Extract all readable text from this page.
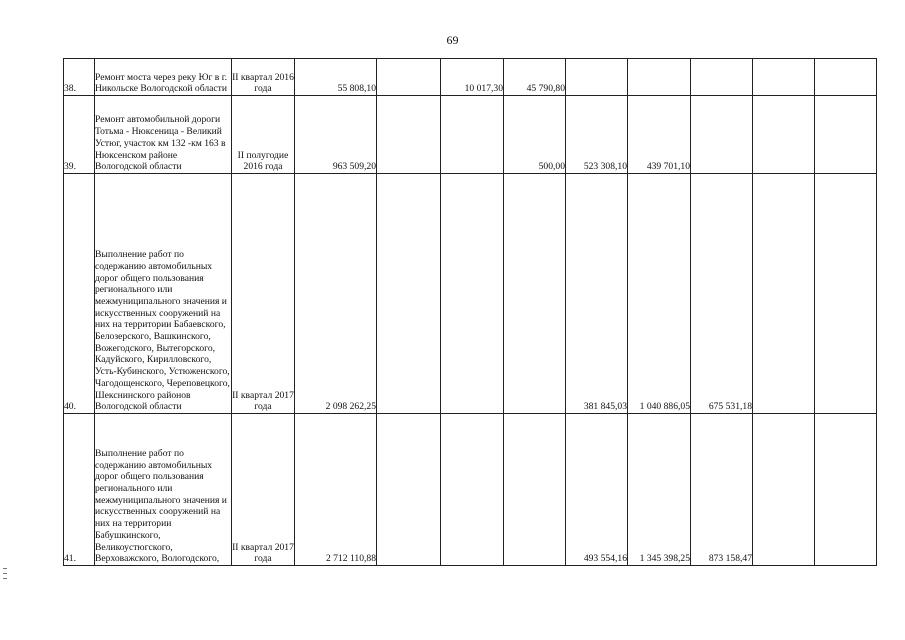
69
38.	Ремонт моста через реку Юг в г. Никольске Вологодской области	II квартал 2016 года	55 808,10		10 017,30	45 790,80					
39.	Ремонт автомобильной дороги Тотьма - Нюксеница - Великий Устюг, участок км 132 -км 163 в Нюксенском районе Вологодской области	II полугодие 2016 года	963 509,20			500,00	523 308,10	439 701,10			
40.	Выполнение работ по содержанию автомобильных дорог общего пользования регионального или межмуниципального значения и искусственных сооружений на них на территории Бабаевского, Белозерского, Вашкинского, Вожегодского, Вытегорского, Кадуйского, Кирилловского, Усть-Кубинского, Устюженского, Чагодощенского, Череповецкого, Шекснинского районов Вологодской области	II квартал 2017 года	2 098 262,25				381 845,03	1 040 886,05	675 531,18		
41.	Выполнение работ по содержанию автомобильных дорог общего пользования регионального или межмуниципального значения и искусственных сооружений на них на территории Бабушкинского, Великоустюгского, Верховажского, Вологодского,	II квартал 2017 года	2 712 110,88				493 554,16	1 345 398,25	873 158,47		
